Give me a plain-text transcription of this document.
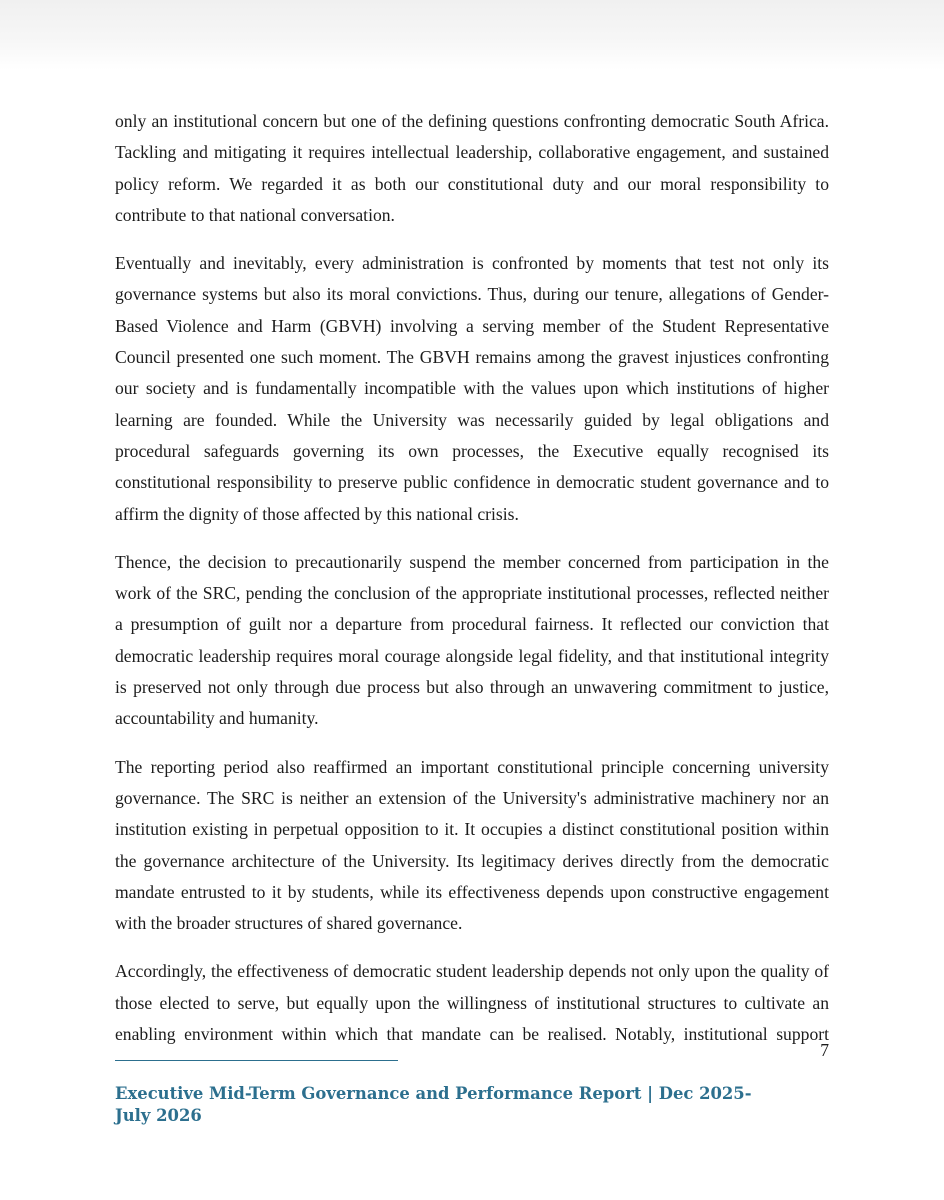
only an institutional concern but one of the defining questions confronting democratic South Africa. Tackling and mitigating it requires intellectual leadership, collaborative engagement, and sustained policy reform. We regarded it as both our constitutional duty and our moral responsibility to contribute to that national conversation.

Eventually and inevitably, every administration is confronted by moments that test not only its governance systems but also its moral convictions. Thus, during our tenure, allegations of Gender-Based Violence and Harm (GBVH) involving a serving member of the Student Representative Council presented one such moment. The GBVH remains among the gravest injustices confronting our society and is fundamentally incompatible with the values upon which institutions of higher learning are founded. While the University was necessarily guided by legal obligations and procedural safeguards governing its own processes, the Executive equally recognised its constitutional responsibility to preserve public confidence in democratic student governance and to affirm the dignity of those affected by this national crisis.

Thence, the decision to precautionarily suspend the member concerned from participation in the work of the SRC, pending the conclusion of the appropriate institutional processes, reflected neither a presumption of guilt nor a departure from procedural fairness. It reflected our conviction that democratic leadership requires moral courage alongside legal fidelity, and that institutional integrity is preserved not only through due process but also through an unwavering commitment to justice, accountability and humanity.

The reporting period also reaffirmed an important constitutional principle concerning university governance. The SRC is neither an extension of the University's administrative machinery nor an institution existing in perpetual opposition to it. It occupies a distinct constitutional position within the governance architecture of the University. Its legitimacy derives directly from the democratic mandate entrusted to it by students, while its effectiveness depends upon constructive engagement with the broader structures of shared governance.

Accordingly, the effectiveness of democratic student leadership depends not only upon the quality of those elected to serve, but equally upon the willingness of institutional structures to cultivate an enabling environment within which that mandate can be realised. Notably, institutional support

7
Executive Mid-Term Governance and Performance Report | Dec 2025-July 2026
